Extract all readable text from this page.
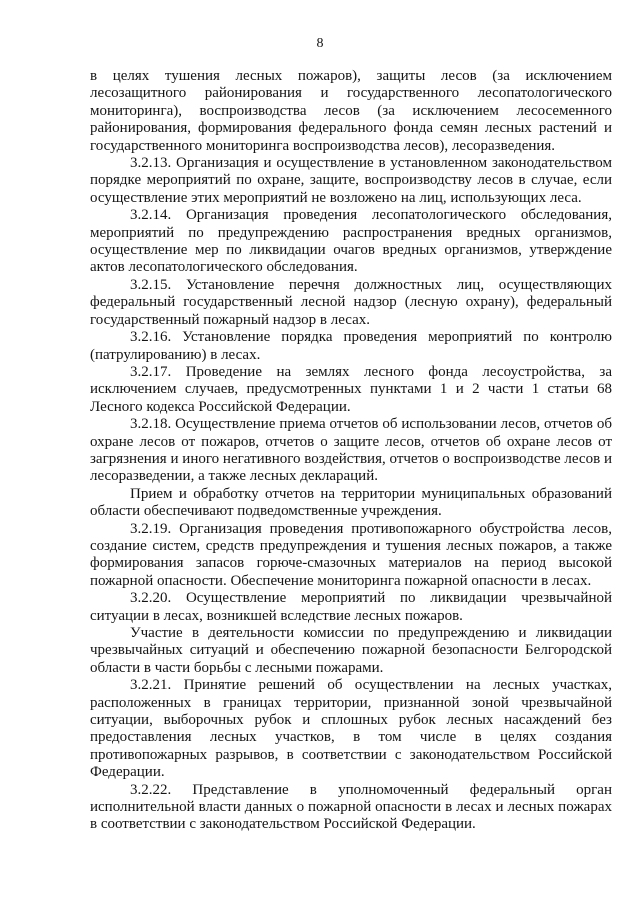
8

в целях тушения лесных пожаров), защиты лесов (за исключением лесозащитного районирования и государственного лесопатологического мониторинга), воспроизводства лесов (за исключением лесосеменного районирования, формирования федерального фонда семян лесных растений и государственного мониторинга воспроизводства лесов), лесоразведения.

3.2.13. Организация и осуществление в установленном законодательством порядке мероприятий по охране, защите, воспроизводству лесов в случае, если осуществление этих мероприятий не возложено на лиц, использующих леса.

3.2.14. Организация проведения лесопатологического обследования, мероприятий по предупреждению распространения вредных организмов, осуществление мер по ликвидации очагов вредных организмов, утверждение актов лесопатологического обследования.

3.2.15. Установление перечня должностных лиц, осуществляющих федеральный государственный лесной надзор (лесную охрану), федеральный государственный пожарный надзор в лесах.

3.2.16. Установление порядка проведения мероприятий по контролю (патрулированию) в лесах.

3.2.17. Проведение на землях лесного фонда лесоустройства, за исключением случаев, предусмотренных пунктами 1 и 2 части 1 статьи 68 Лесного кодекса Российской Федерации.

3.2.18. Осуществление приема отчетов об использовании лесов, отчетов об охране лесов от пожаров, отчетов о защите лесов, отчетов об охране лесов от загрязнения и иного негативного воздействия, отчетов о воспроизводстве лесов и лесоразведении, а также лесных деклараций.

Прием и обработку отчетов на территории муниципальных образований области обеспечивают подведомственные учреждения.

3.2.19. Организация проведения противопожарного обустройства лесов, создание систем, средств предупреждения и тушения лесных пожаров, а также формирования запасов горюче-смазочных материалов на период высокой пожарной опасности. Обеспечение мониторинга пожарной опасности в лесах.

3.2.20. Осуществление мероприятий по ликвидации чрезвычайной ситуации в лесах, возникшей вследствие лесных пожаров.

Участие в деятельности комиссии по предупреждению и ликвидации чрезвычайных ситуаций и обеспечению пожарной безопасности Белгородской области в части борьбы с лесными пожарами.

3.2.21. Принятие решений об осуществлении на лесных участках, расположенных в границах территории, признанной зоной чрезвычайной ситуации, выборочных рубок и сплошных рубок лесных насаждений без предоставления лесных участков, в том числе в целях создания противопожарных разрывов, в соответствии с законодательством Российской Федерации.

3.2.22. Представление в уполномоченный федеральный орган исполнительной власти данных о пожарной опасности в лесах и лесных пожарах в соответствии с законодательством Российской Федерации.
